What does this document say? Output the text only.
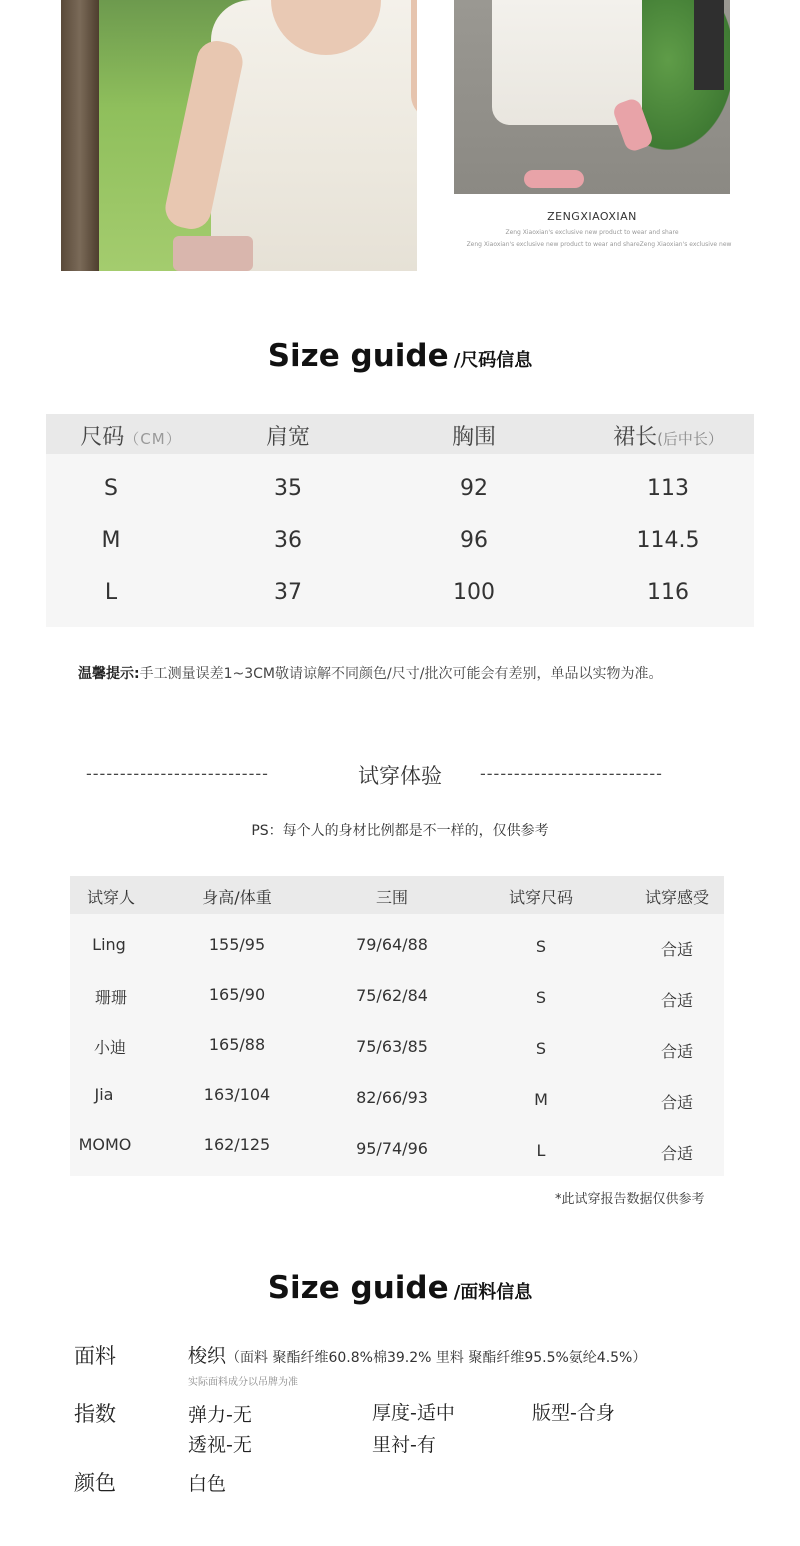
ZENGXIAOXIAN
Zeng Xiaoxian's exclusive new product to wear and share
Zeng Xiaoxian's exclusive new product to wear and shareZeng Xiaoxian's exclusive new
Size guide /尺码信息
尺码（CM）	肩宽	胸围	裙长(后中长）
S	35	92	113
M	36	96	114.5
L	37	100	116
温馨提示:手工测量误差1~3CM敬请谅解不同颜色/尺寸/批次可能会有差别，单品以实物为准。
---------------------------	试穿体验	---------------------------
PS：每个人的身材比例都是不一样的，仅供参考
试穿人	身高/体重	三围	试穿尺码	试穿感受
Ling	155/95	79/64/88	S	合适
珊珊	165/90	75/62/84	S	合适
小迪	165/88	75/63/85	S	合适
Jia	163/104	82/66/93	M	合适
MOMO	162/125	95/74/96	L	合适
*此试穿报告数据仅供参考
Size guide /面料信息
面料	梭织（面料 聚酯纤维60.8%棉39.2% 里料 聚酯纤维95.5%氨纶4.5%）
实际面料成分以吊牌为准
指数	弹力-无	厚度-适中	版型-合身
透视-无	里衬-有
颜色	白色
